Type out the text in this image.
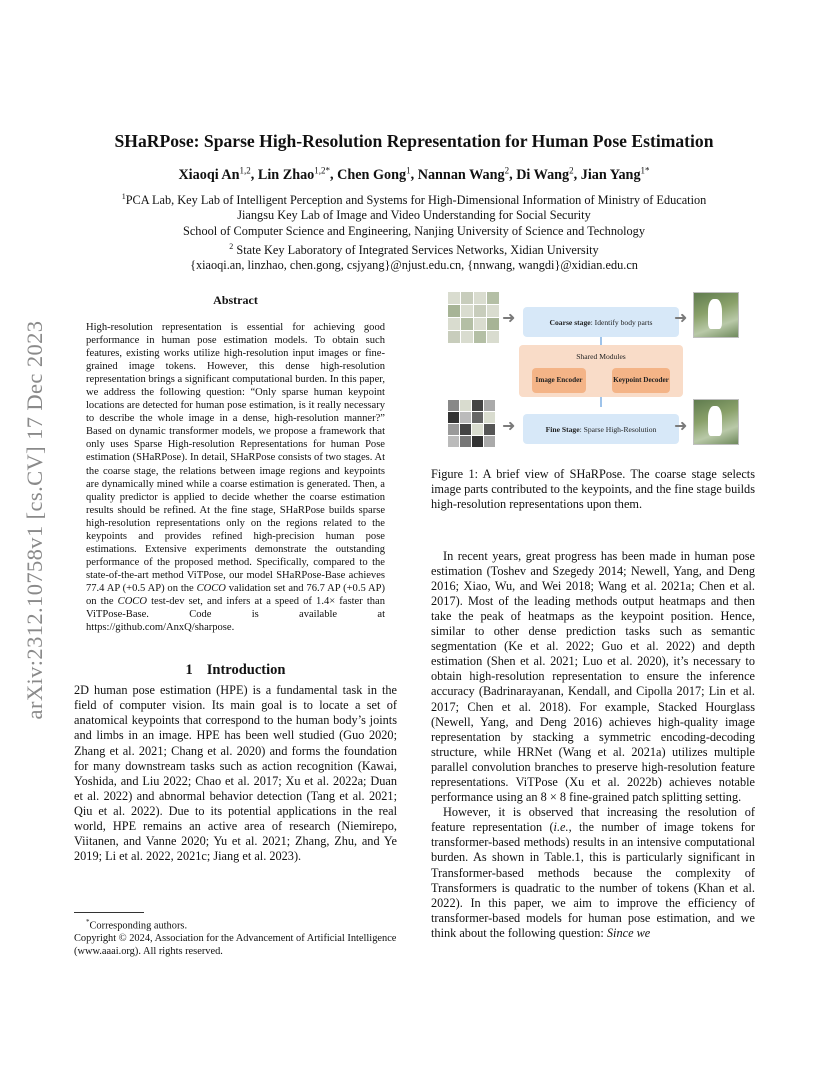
arXiv:2312.10758v1 [cs.CV] 17 Dec 2023
SHaRPose: Sparse High-Resolution Representation for Human Pose Estimation
Xiaoqi An$^{1,2}$, Lin Zhao$^{1,2*}$, Chen Gong$^1$, Nannan Wang$^2$, Di Wang$^2$, Jian Yang$^{1*}$
$^1$PCA Lab, Key Lab of Intelligent Perception and Systems for High-Dimensional Information of Ministry of Education
Jiangsu Key Lab of Image and Video Understanding for Social Security
School of Computer Science and Engineering, Nanjing University of Science and Technology
$^2$ State Key Laboratory of Integrated Services Networks, Xidian University
{xiaoqi.an, linzhao, chen.gong, csjyang}@njust.edu.cn, {nnwang, wangdi}@xidian.edu.cn
Abstract

High-resolution representation is essential for achieving good performance in human pose estimation models. To obtain such features, existing works utilize high-resolution input images or fine-grained image tokens. However, this dense high-resolution representation brings a significant computational burden. In this paper, we address the following question: “Only sparse human keypoint locations are detected for human pose estimation, is it really necessary to describe the whole image in a dense, high-resolution manner?” Based on dynamic transformer models, we propose a framework that only uses Sparse High-resolution Representations for human Pose estimation (SHaRPose). In detail, SHaRPose consists of two stages. At the coarse stage, the relations between image regions and keypoints are dynamically mined while a coarse estimation is generated. Then, a quality predictor is applied to decide whether the coarse estimation results should be refined. At the fine stage, SHaRPose builds sparse high-resolution representations only on the regions related to the keypoints and provides refined high-precision human pose estimations. Extensive experiments demonstrate the outstanding performance of the proposed method. Specifically, compared to the state-of-the-art method ViTPose, our model SHaRPose-Base achieves 77.4 AP (+0.5 AP) on the COCO validation set and 76.7 AP (+0.5 AP) on the COCO test-dev set, and infers at a speed of 1.4× faster than ViTPose-Base. Code is available at https://github.com/AnxQ/sharpose.

1 Introduction

2D human pose estimation (HPE) is a fundamental task in the field of computer vision. Its main goal is to locate a set of anatomical keypoints that correspond to the human body’s joints and limbs in an image. HPE has been well studied (Guo 2020; Zhang et al. 2021; Chang et al. 2020) and forms the foundation for many downstream tasks such as action recognition (Kawai, Yoshida, and Liu 2022; Chao et al. 2017; Xu et al. 2022a; Duan et al. 2022) and abnormal behavior detection (Tang et al. 2021; Qiu et al. 2022). Due to its potential applications in the real world, HPE remains an active area of research (Niemirepo, Viitanen, and Vanne 2020; Yu et al. 2021; Zhang, Zhu, and Ye 2019; Li et al. 2022, 2021c; Jiang et al. 2023).

*Corresponding authors.

Copyright © 2024, Association for the Advancement of Artificial Intelligence (www.aaai.org). All rights reserved.

➜	Coarse stage: Identify body parts ➜
Shared Modules
Image Encoder	Keypoint Decoder
➜	Fine Stage: Sparse High-Resolution ➜

Figure 1: A brief view of SHaRPose. The coarse stage selects image parts contributed to the keypoints, and the fine stage builds high-resolution representations upon them.

In recent years, great progress has been made in human pose estimation (Toshev and Szegedy 2014; Newell, Yang, and Deng 2016; Xiao, Wu, and Wei 2018; Wang et al. 2021a; Chen et al. 2017). Most of the leading methods output heatmaps and then take the peak of heatmaps as the keypoint position. Hence, similar to other dense prediction tasks such as semantic segmentation (Ke et al. 2022; Guo et al. 2022) and depth estimation (Shen et al. 2021; Luo et al. 2020), it’s necessary to obtain high-resolution representation to ensure the inference accuracy (Badrinarayanan, Kendall, and Cipolla 2017; Lin et al. 2017; Chen et al. 2018). For example, Stacked Hourglass (Newell, Yang, and Deng 2016) achieves high-quality image representation by stacking a symmetric encoding-decoding structure, while HRNet (Wang et al. 2021a) utilizes multiple parallel convolution branches to preserve high-resolution feature representations. ViTPose (Xu et al. 2022b) achieves notable performance using an 8 × 8 fine-grained patch splitting setting.

However, it is observed that increasing the resolution of feature representation (i.e., the number of image tokens for transformer-based methods) results in an intensive computational burden. As shown in Table.1, this is particularly significant in Transformer-based methods because the complexity of Transformers is quadratic to the number of tokens (Khan et al. 2022). In this paper, we aim to improve the efficiency of transformer-based models for human pose estimation, and we think about the following question: Since we
